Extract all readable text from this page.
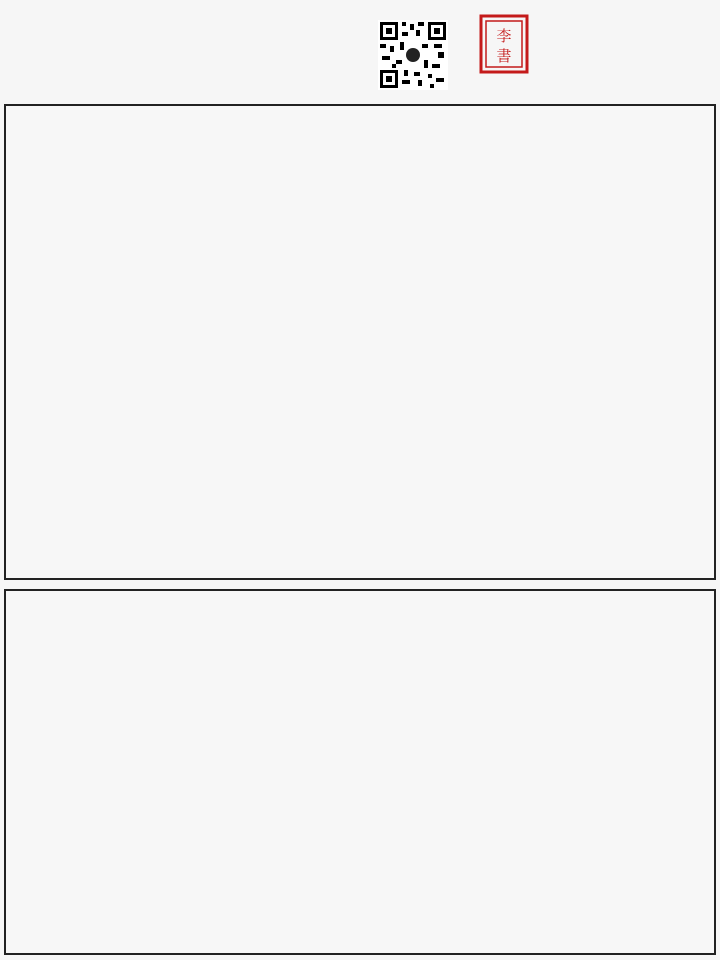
李
書
